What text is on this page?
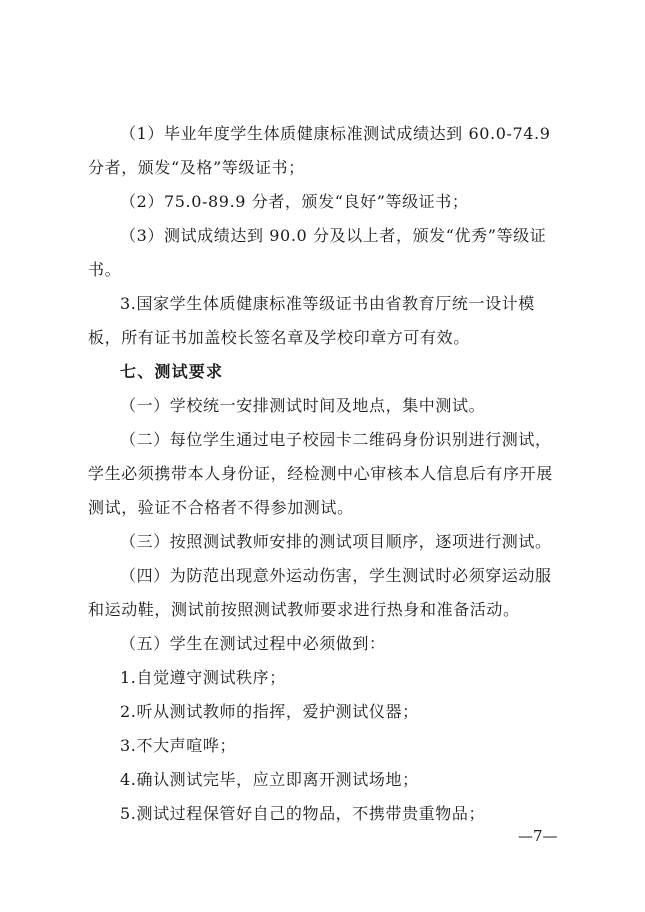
（1）毕业年度学生体质健康标准测试成绩达到 60.0-74.9
分者，颁发“及格”等级证书；
（2）75.0-89.9 分者，颁发“良好”等级证书；
（3）测试成绩达到 90.0 分及以上者，颁发“优秀”等级证
书。
3.国家学生体质健康标准等级证书由省教育厅统一设计模
板，所有证书加盖校长签名章及学校印章方可有效。
七、测试要求
（一）学校统一安排测试时间及地点，集中测试。
（二）每位学生通过电子校园卡二维码身份识别进行测试，
学生必须携带本人身份证，经检测中心审核本人信息后有序开展
测试，验证不合格者不得参加测试。
（三）按照测试教师安排的测试项目顺序，逐项进行测试。
（四）为防范出现意外运动伤害，学生测试时必须穿运动服
和运动鞋，测试前按照测试教师要求进行热身和准备活动。
（五）学生在测试过程中必须做到：
1.自觉遵守测试秩序；
2.听从测试教师的指挥，爱护测试仪器；
3.不大声喧哗；
4.确认测试完毕，应立即离开测试场地；
5.测试过程保管好自己的物品，不携带贵重物品；
—7—
